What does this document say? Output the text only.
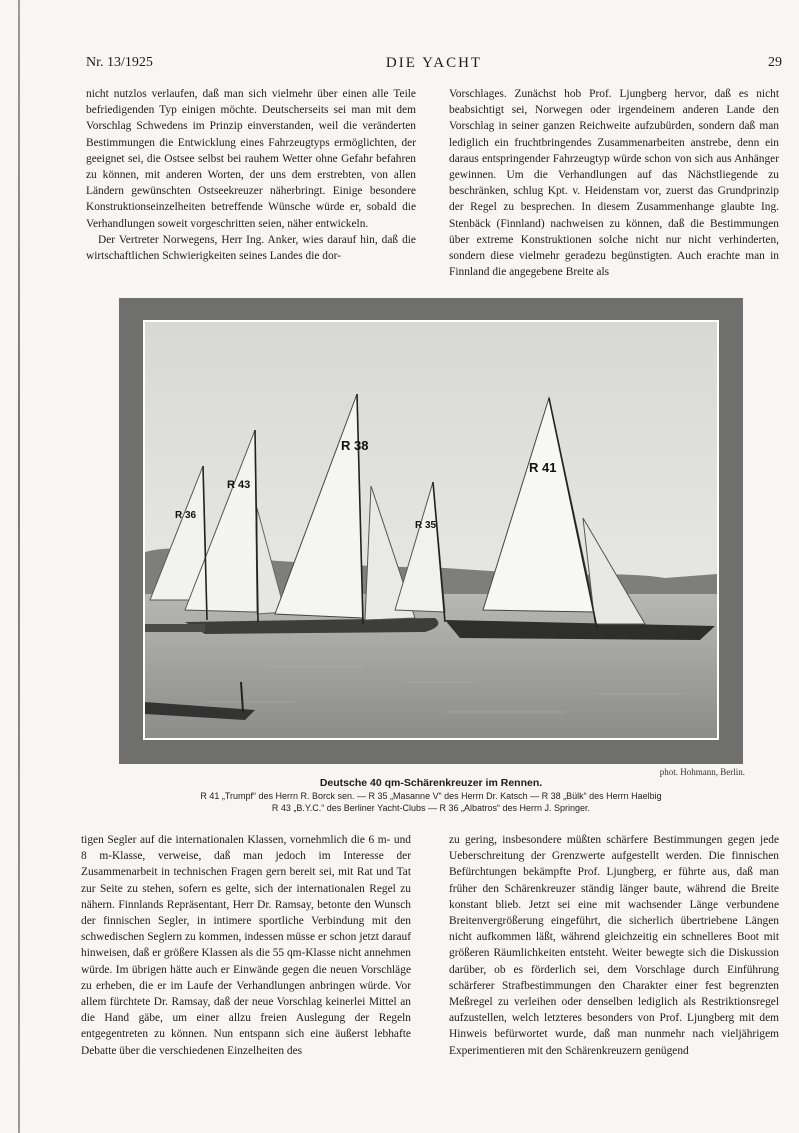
Nr. 13/1925	DIE YACHT	29

nicht nutzlos verlaufen, daß man sich vielmehr über einen alle Teile befriedigenden Typ einigen möchte. Deutscherseits sei man mit dem Vorschlag Schwedens im Prinzip einverstanden, weil die veränderten Bestimmungen die Entwicklung eines Fahrzeugtyps ermöglichten, der geeignet sei, die Ostsee selbst bei rauhem Wetter ohne Gefahr befahren zu können, mit anderen Worten, der uns dem erstrebten, von allen Ländern gewünschten Ostseekreuzer näherbringt. Einige besondere Konstruktionseinzelheiten betreffende Wünsche würde er, sobald die Verhandlungen soweit vorgeschritten seien, näher entwickeln.

Der Vertreter Norwegens, Herr Ing. Anker, wies darauf hin, daß die wirtschaftlichen Schwierigkeiten seines Landes die dor-

Vorschlages. Zunächst hob Prof. Ljungberg hervor, daß es nicht beabsichtigt sei, Norwegen oder irgendeinem anderen Lande den Vorschlag in seiner ganzen Reichweite aufzubürden, sondern daß man lediglich ein fruchtbringendes Zusammenarbeiten anstrebe, denn ein daraus entspringender Fahrzeugtyp würde schon von sich aus Anhänger gewinnen. Um die Verhandlungen auf das Nächstliegende zu beschränken, schlug Kpt. v. Heidenstam vor, zuerst das Grundprinzip der Regel zu besprechen. In diesem Zusammenhange glaubte Ing. Stenbäck (Finnland) nachweisen zu können, daß die Bestimmungen über extreme Konstruktionen solche nicht nur nicht verhinderten, sondern diese vielmehr geradezu begünstigten. Auch erachte man in Finnland die angegebene Breite als

R 36
R 43
R 38
R 35
R 41
phot. Hohmann, Berlin.
Deutsche 40 qm-Schärenkreuzer im Rennen.
R 41 „Trumpf“ des Herrn R. Borck sen. — R 35 „Masanne V“ des Herrn Dr. Katsch — R 38 „Bülk“ des Herrn Haelbig
R 43 „B.Y.C.“ des Berliner Yacht-Clubs — R 36 „Albatros“ des Herrn J. Springer.

tigen Segler auf die internationalen Klassen, vornehmlich die 6 m- und 8 m-Klasse, verweise, daß man jedoch im Interesse der Zusammenarbeit in technischen Fragen gern bereit sei, mit Rat und Tat zur Seite zu stehen, sofern es gelte, sich der internationalen Regel zu nähern. Finnlands Repräsentant, Herr Dr. Ramsay, betonte den Wunsch der finnischen Segler, in intimere sportliche Verbindung mit den schwedischen Seglern zu kommen, indessen müsse er schon jetzt darauf hinweisen, daß er größere Klassen als die 55 qm-Klasse nicht annehmen würde. Im übrigen hätte auch er Einwände gegen die neuen Vorschläge zu erheben, die er im Laufe der Verhandlungen anbringen würde. Vor allem fürchtete Dr. Ramsay, daß der neue Vorschlag keinerlei Mittel an die Hand gäbe, um einer allzu freien Auslegung der Regeln entgegentreten zu können. Nun entspann sich eine äußerst lebhafte Debatte über die verschiedenen Einzelheiten des

zu gering, insbesondere müßten schärfere Bestimmungen gegen jede Ueberschreitung der Grenzwerte aufgestellt werden. Die finnischen Befürchtungen bekämpfte Prof. Ljungberg, er führte aus, daß man früher den Schärenkreuzer ständig länger baute, während die Breite konstant blieb. Jetzt sei eine mit wachsender Länge verbundene Breitenvergrößerung eingeführt, die sicherlich übertriebene Längen nicht aufkommen läßt, während gleichzeitig ein schnelleres Boot mit größeren Räumlichkeiten entsteht. Weiter bewegte sich die Diskussion darüber, ob es förderlich sei, dem Vorschlage durch Einführung schärferer Strafbestimmungen den Charakter einer fest begrenzten Meßregel zu verleihen oder denselben lediglich als Restriktionsregel aufzustellen, welch letzteres besonders von Prof. Ljungberg mit dem Hinweis befürwortet wurde, daß man nunmehr nach vieljährigem Experimentieren mit den Schärenkreuzern genügend
